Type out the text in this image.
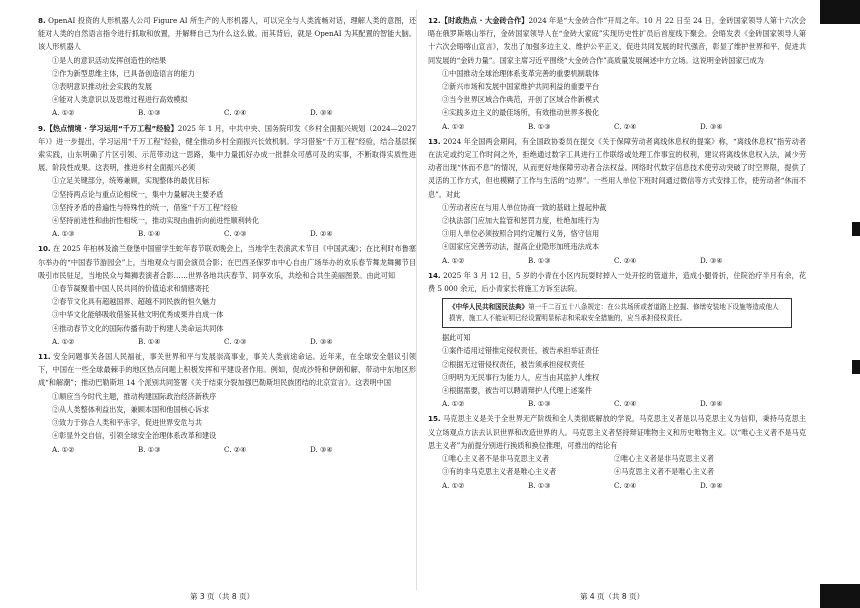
8. OpenAI 投资的人形机器人公司 Figure AI 所生产的人形机器人，可以完全与人类流畅对话，理解人类的意图，还能对人类的自然语言指令进行抓取和放置，并解释自己为什么这么做。而其背后，就是 OpenAI 为其配置的智能大脑。该人形机器人

①是人的意识活动发挥创造性的结果

②作为新型思维主体，已具备创造语言的能力

③表明意识推动社会实践的发展

④能对人类意识以及思维过程进行高效模拟

A. ①②	B. ①③	C. ②④	D. ③④

9.【热点情境 · 学习运用“千万工程”经验】2025 年 1 月，中共中央、国务院印发《乡村全面振兴规划（2024—2027 年）》进一步提出，学习运用“千万工程”经验，健全推动乡村全面振兴长效机制。学习借鉴“千万工程”经验，结合基层探索实践，山东明确了片区引领、示范带动这一思路，集中力量抓好办成一批群众可感可及的实事，不断取得实质性进展、阶段性成果。这表明，推进乡村全面振兴必须

①立足关键部分，统筹兼顾，实现整体的最优目标

②坚持两点论与重点论相统一，集中力量解决主要矛盾

③坚持矛盾的普遍性与特殊性的统一，借鉴“千万工程”经验

④坚持前进性和曲折性相统一，推动实现由曲折向前进性顺利转化

A. ①③	B. ①④	C. ②③	D. ②④

10. 在 2025 年柏林及渝兰登堡中国留学生蛇年春节联欢晚会上，当地学生表演武术节目《中国武魂》；在比利时布鲁塞尔举办的“中国春节游园会”上，当地观众与面会演员合影；在巴西圣保罗市中心自由广场举办的欢乐春节舞龙舞狮节目吸引市民驻足，当地民众与舞狮表演者合影……世界各地共庆春节、同享欢乐，共绘和合共生美丽图景。由此可知

①春节凝聚着中国人民共同的价值追求和情感寄托

②春节文化具有超越国界、超越不同民族的恒久魅力

③中华文化能够吸收借鉴其他文明优秀成果并自成一体

④推动春节文化的国际传播有助于构建人类命运共同体

A. ①②	B. ①④	C. ②③	D. ③④

11. 安全问题事关各国人民福祉，事关世界和平与发展崇高事业，事关人类前途命运。近年来，在全球安全倡议引领下，中国在一些全球最棘手的地区热点问题上积极发挥和平建设者作用。例如，促成沙特和伊朗和解，带动中东地区形成“和解潮”；推动巴勒斯坦 14 个派别共同签署《关于结束分裂加强巴勒斯坦民族团结的北京宣言》。这表明中国

①顺应当今时代主题，推动构建国际政治经济新秩序

②从人类整体利益出发，兼顾本国和他国核心诉求

③致力于弥合人类和平赤字，促进世界安危与共

④彰显外交自信，引领全球安全治理体系改革和建设

A. ①②	B. ①③	C. ②④	D. ③④

12.【时政热点 · 大金砖合作】2024 年是“大金砖合作”开局之年。10 月 22 日至 24 日，金砖国家领导人第十六次会晤在俄罗斯喀山举行，金砖国家领导人在“金砖大家庭”实现历史性扩员后首度线下聚会。会晤发表《金砖国家领导人第十六次会晤喀山宣言》，发出了加强多边主义、维护公平正义，促进共同发展的时代强音，彰显了维护世界和平、促进共同发展的“金砖力量”。国家主席习近平围绕“大金砖合作”高质量发展阐述中方立场。这说明金砖国家已成为

①中国推动全球治理体系变革完善的重要机制载体

②新兴市场和发展中国家维护共同利益的重要平台

③当今世界区域合作典范，开创了区域合作新模式

④实践多边主义的最佳场所，有效推动世界多极化

A. ①②	B. ①③	C. ②④	D. ③④

13. 2024 年全国两会期间，有全国政协委员在提交《关于保障劳动者离线休息权的提案》称，“离线休息权”指劳动者在法定或约定工作时间之外，拒绝通过数字工具进行工作联络或处理工作事宜的权利，建议将离线休息权入法，减少劳动者出现“休而不息”的情况，从而更好地保障劳动者合法权益。网络时代数字信息技术使劳动突破了时空界限，提供了灵活的工作方式，但也模糊了工作与生活的“边界”。一些用人单位下班时间通过微信等方式安排工作，使劳动者“休而不息”。对此

①劳动者应在与用人单位协商一致的基础上提起仲裁

②执法部门应加大监管和惩罚力度，杜绝加班行为

③用人单位必须按照合同约定履行义务，恪守信用

④国家应完善劳动法，提高企业隐形加班违法成本

A. ①②	B. ①③	C. ②④	D. ③④

14. 2025 年 3 月 12 日，5 岁的小青在小区内玩耍时掉入一处开挖的管道井，造成小腿骨折，住院治疗半月有余，花费 5 000 余元，后小青家长将施工方诉至法院。

《中华人民共和国民法典》第一千二百五十八条规定：在公共场所或者道路上挖掘、修缮安装地下设施等造成他人损害，施工人不能证明已经设置明显标志和采取安全措施的，应当承担侵权责任。

据此可知

①案件适用过错推定侵权责任，被告承担举证责任

②根据无过错侵权责任，被告须承担侵权责任

③明明为无民事行为能力人，应当由其监护人维权

④根据需要，被告可以聘请辩护人代理上述案件

A. ①②	B. ①③	C. ②④	D. ③④

15. 马克思主义是关于全世界无产阶级和全人类彻底解放的学说，马克思主义者是以马克思主义为信仰，秉持马克思主义立场观点方法去认识世界和改造世界的人。马克思主义者坚持辩证唯物主义和历史唯物主义。以“唯心主义者不是马克思主义者”为前提分别进行换质和换位推理，可推出的结论有

①唯心主义者不是非马克思主义者	②唯心主义者是非马克思主义者
③有的非马克思主义者是唯心主义者	④马克思主义者不是唯心主义者
A. ①②	B. ①③	C. ②④	D. ③④
第 3 页（共 8 页）	第 4 页（共 8 页）
